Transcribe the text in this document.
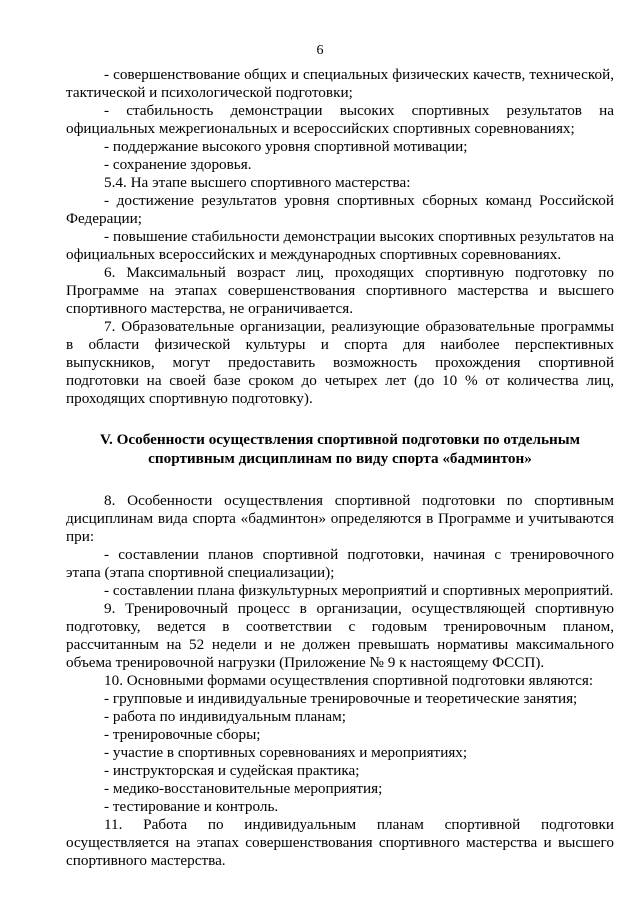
6

- совершенствование общих и специальных физических качеств, технической, тактической и психологической подготовки;

- стабильность демонстрации высоких спортивных результатов на официальных межрегиональных и всероссийских спортивных соревнованиях;

- поддержание высокого уровня спортивной мотивации;

- сохранение здоровья.

5.4. На этапе высшего спортивного мастерства:

- достижение результатов уровня спортивных сборных команд Российской Федерации;

- повышение стабильности демонстрации высоких спортивных результатов на официальных всероссийских и международных спортивных соревнованиях.

6. Максимальный возраст лиц, проходящих спортивную подготовку по Программе на этапах совершенствования спортивного мастерства и высшего спортивного мастерства, не ограничивается.

7. Образовательные организации, реализующие образовательные программы в области физической культуры и спорта для наиболее перспективных выпускников, могут предоставить возможность прохождения спортивной подготовки на своей базе сроком до четырех лет (до 10 % от количества лиц, проходящих спортивную подготовку).

V. Особенности осуществления спортивной подготовки по отдельным

спортивным дисциплинам по виду спорта «бадминтон»

8. Особенности осуществления спортивной подготовки по спортивным дисциплинам вида спорта «бадминтон» определяются в Программе и учитываются при:

- составлении планов спортивной подготовки, начиная с тренировочного этапа (этапа спортивной специализации);

- составлении плана физкультурных мероприятий и спортивных мероприятий.

9. Тренировочный процесс в организации, осуществляющей спортивную подготовку, ведется в соответствии с годовым тренировочным планом, рассчитанным на 52 недели и не должен превышать нормативы максимального объема тренировочной нагрузки (Приложение № 9 к настоящему ФССП).

10. Основными формами осуществления спортивной подготовки являются:

- групповые и индивидуальные тренировочные и теоретические занятия;

- работа по индивидуальным планам;

- тренировочные сборы;

- участие в спортивных соревнованиях и мероприятиях;

- инструкторская и судейская практика;

- медико-восстановительные мероприятия;

- тестирование и контроль.

11. Работа по индивидуальным планам спортивной подготовки осуществляется на этапах совершенствования спортивного мастерства и высшего спортивного мастерства.
